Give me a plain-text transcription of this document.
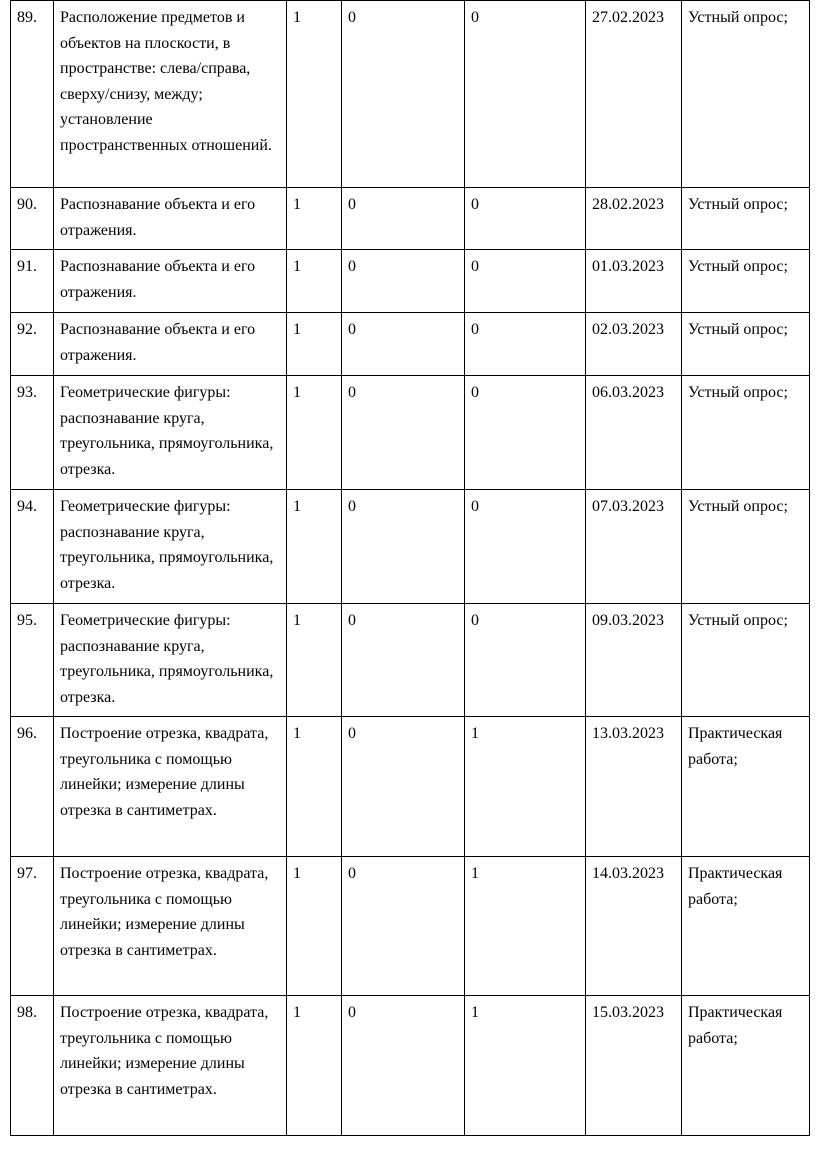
89.	Расположение предметов и объектов на плоскости, в пространстве: слева/справа, сверху/снизу, между; установление пространственных отношений.	1	0	0	27.02.2023	Устный опрос;
90.	Распознавание объекта и его отражения.	1	0	0	28.02.2023	Устный опрос;
91.	Распознавание объекта и его отражения.	1	0	0	01.03.2023	Устный опрос;
92.	Распознавание объекта и его отражения.	1	0	0	02.03.2023	Устный опрос;
93.	Геометрические фигуры: распознавание круга, треугольника, прямоугольника, отрезка.	1	0	0	06.03.2023	Устный опрос;
94.	Геометрические фигуры: распознавание круга, треугольника, прямоугольника, отрезка.	1	0	0	07.03.2023	Устный опрос;
95.	Геометрические фигуры: распознавание круга, треугольника, прямоугольника, отрезка.	1	0	0	09.03.2023	Устный опрос;
96.	Построение отрезка, квадрата, треугольника с помощью линейки; измерение длины отрезка в сантиметрах.	1	0	1	13.03.2023	Практическая работа;
97.	Построение отрезка, квадрата, треугольника с помощью линейки; измерение длины отрезка в сантиметрах.	1	0	1	14.03.2023	Практическая работа;
98.	Построение отрезка, квадрата, треугольника с помощью линейки; измерение длины отрезка в сантиметрах.	1	0	1	15.03.2023	Практическая работа;
